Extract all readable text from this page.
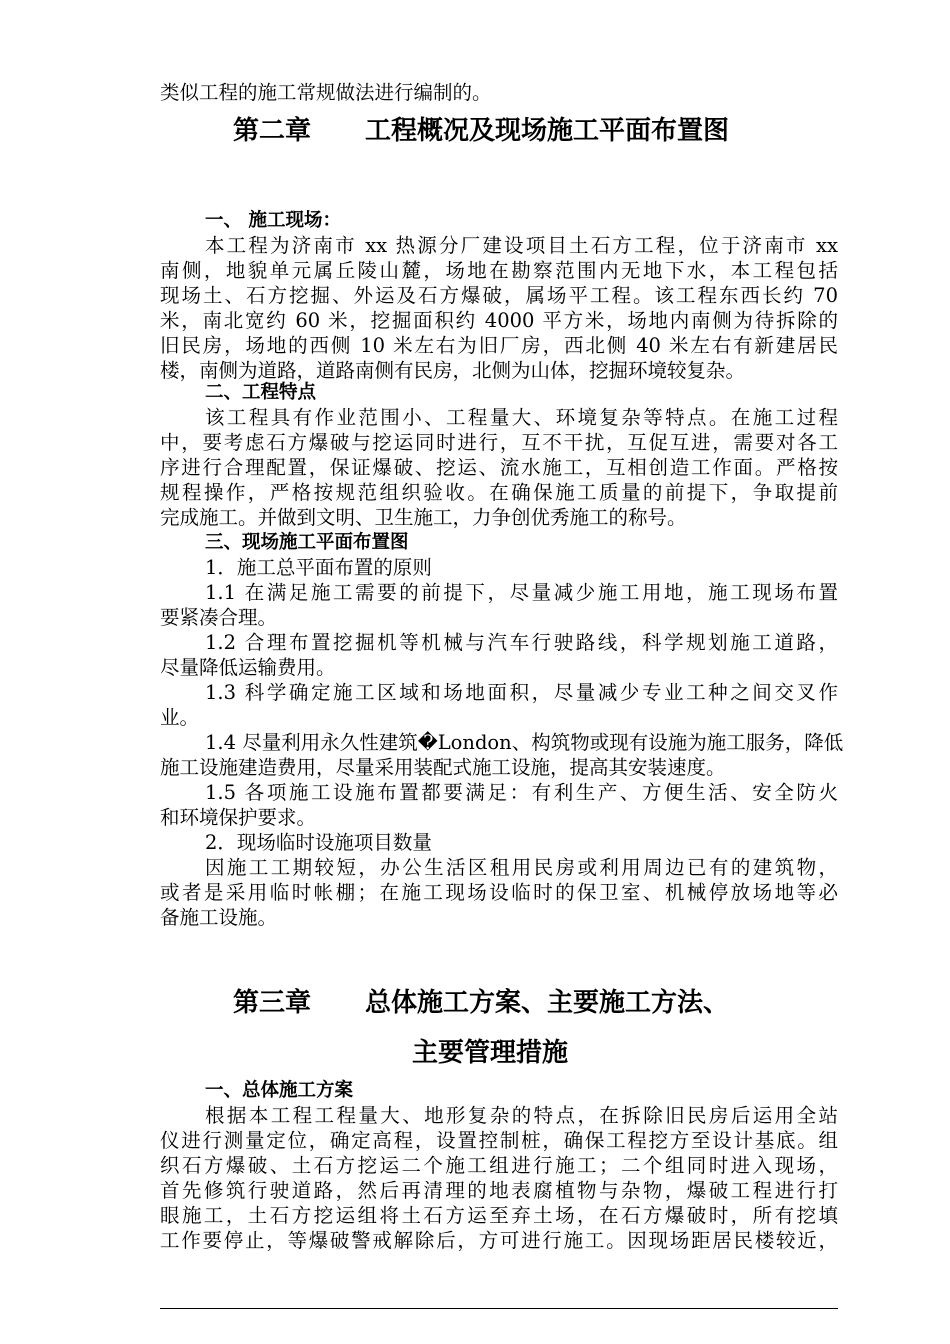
类似工程的施工常规做法进行编制的。
第二章 工程概况及现场施工平面布置图
一、 施工现场：
本工程为济南市 xx 热源分厂建设项目土石方工程，位于济南市 xx
南侧，地貌单元属丘陵山麓，场地在勘察范围内无地下水，本工程包括
现场土、石方挖掘、外运及石方爆破，属场平工程。该工程东西长约 70
米，南北宽约 60 米，挖掘面积约 4000 平方米，场地内南侧为待拆除的
旧民房，场地的西侧 10 米左右为旧厂房，西北侧 40 米左右有新建居民
楼，南侧为道路，道路南侧有民房，北侧为山体，挖掘环境较复杂。
二、工程特点
该工程具有作业范围小、工程量大、环境复杂等特点。在施工过程
中，要考虑石方爆破与挖运同时进行，互不干扰，互促互进，需要对各工
序进行合理配置，保证爆破、挖运、流水施工，互相创造工作面。严格按
规程操作，严格按规范组织验收。在确保施工质量的前提下，争取提前
完成施工。并做到文明、卫生施工，力争创优秀施工的称号。
三、现场施工平面布置图
1．施工总平面布置的原则
1.1 在满足施工需要的前提下，尽量减少施工用地，施工现场布置
要紧凑合理。
1.2 合理布置挖掘机等机械与汽车行驶路线，科学规划施工道路，
尽量降低运输费用。
1.3 科学确定施工区域和场地面积，尽量减少专业工种之间交叉作
业。
1.4 尽量利用永久性建筑�London、构筑物或现有设施为施工服务，降低
施工设施建造费用，尽量采用装配式施工设施，提高其安装速度。
1.5 各项施工设施布置都要满足：有利生产、方便生活、安全防火
和环境保护要求。
2．现场临时设施项目数量
因施工工期较短，办公生活区租用民房或利用周边已有的建筑物，
或者是采用临时帐棚；在施工现场设临时的保卫室、机械停放场地等必
备施工设施。
第三章 总体施工方案、主要施工方法、
主要管理措施
一、总体施工方案
根据本工程工程量大、地形复杂的特点，在拆除旧民房后运用全站
仪进行测量定位，确定高程，设置控制桩，确保工程挖方至设计基底。组
织石方爆破、土石方挖运二个施工组进行施工；二个组同时进入现场，
首先修筑行驶道路，然后再清理的地表腐植物与杂物，爆破工程进行打
眼施工，土石方挖运组将土石方运至弃土场，在石方爆破时，所有挖填
工作要停止，等爆破警戒解除后，方可进行施工。因现场距居民楼较近，
